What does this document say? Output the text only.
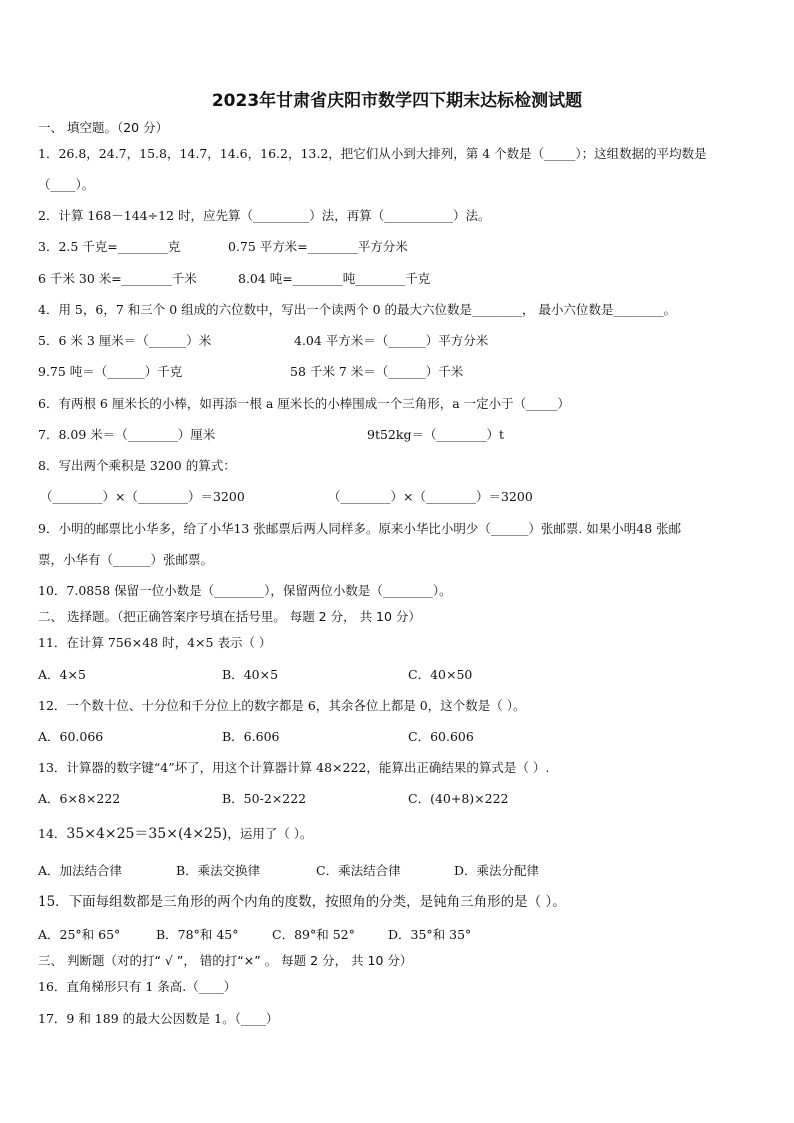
2023年甘肃省庆阳市数学四下期末达标检测试题
一、 填空题。（20 分）
1．26.8，24.7，15.8，14.7，14.6，16.2，13.2，把它们从小到大排列，第 4 个数是（_____）；这组数据的平均数是
（____）。
2．计算 168－144÷12 时，应先算（_________）法，再算（___________）法。
3．2.5 千克=________克	0.75 平方米=________平方分米
6 千米 30 米=________千米	8.04 吨=________吨________千克
4．用 5，6，7 和三个 0 组成的六位数中，写出一个读两个 0 的最大六位数是________， 最小六位数是________。
5．6 米 3 厘米＝（______）米	4.04 平方米＝（______）平方分米
9.75 吨＝（______）千克	58 千米 7 米＝（______）千米
6．有两根 6 厘米长的小棒，如再添一根 a 厘米长的小棒围成一个三角形，a 一定小于（_____）
7．8.09 米＝（________）厘米	9t52kg＝（________）t
8．写出两个乘积是 3200 的算式：
（________）×（________）＝3200	（________）×（________）＝3200
9．小明的邮票比小华多，给了小华13 张邮票后两人同样多。原来小华比小明少（______）张邮票. 如果小明48 张邮
票，小华有（______）张邮票。
10．7.0858 保留一位小数是（________），保留两位小数是（________）。
二、 选择题。（把正确答案序号填在括号里。 每题 2 分， 共 10 分）
11．在计算 756×48 时，4×5 表示（ ）
A．4×5	B．40×5	C．40×50
12．一个数十位、十分位和千分位上的数字都是 6，其余各位上都是 0，这个数是（ ）。
A．60.066	B．6.606	C．60.606
13．计算器的数字键“4”坏了，用这个计算器计算 48×222，能算出正确结果的算式是（ ）.
A．6×8×222	B．50-2×222	C．(40+8)×222
14．35×4×25＝35×(4×25)，运用了（ ）。
A．加法结合律	B．乘法交换律	C．乘法结合律	D．乘法分配律
15．下面每组数都是三角形的两个内角的度数，按照角的分类，是钝角三角形的是（ ）。
A．25°和 65°	B．78°和 45°	C．89°和 52°	D．35°和 35°
三、 判断题（对的打“ √ ”， 错的打“×” 。 每题 2 分， 共 10 分）
16．直角梯形只有 1 条高.（____）
17．9 和 189 的最大公因数是 1。（____）
